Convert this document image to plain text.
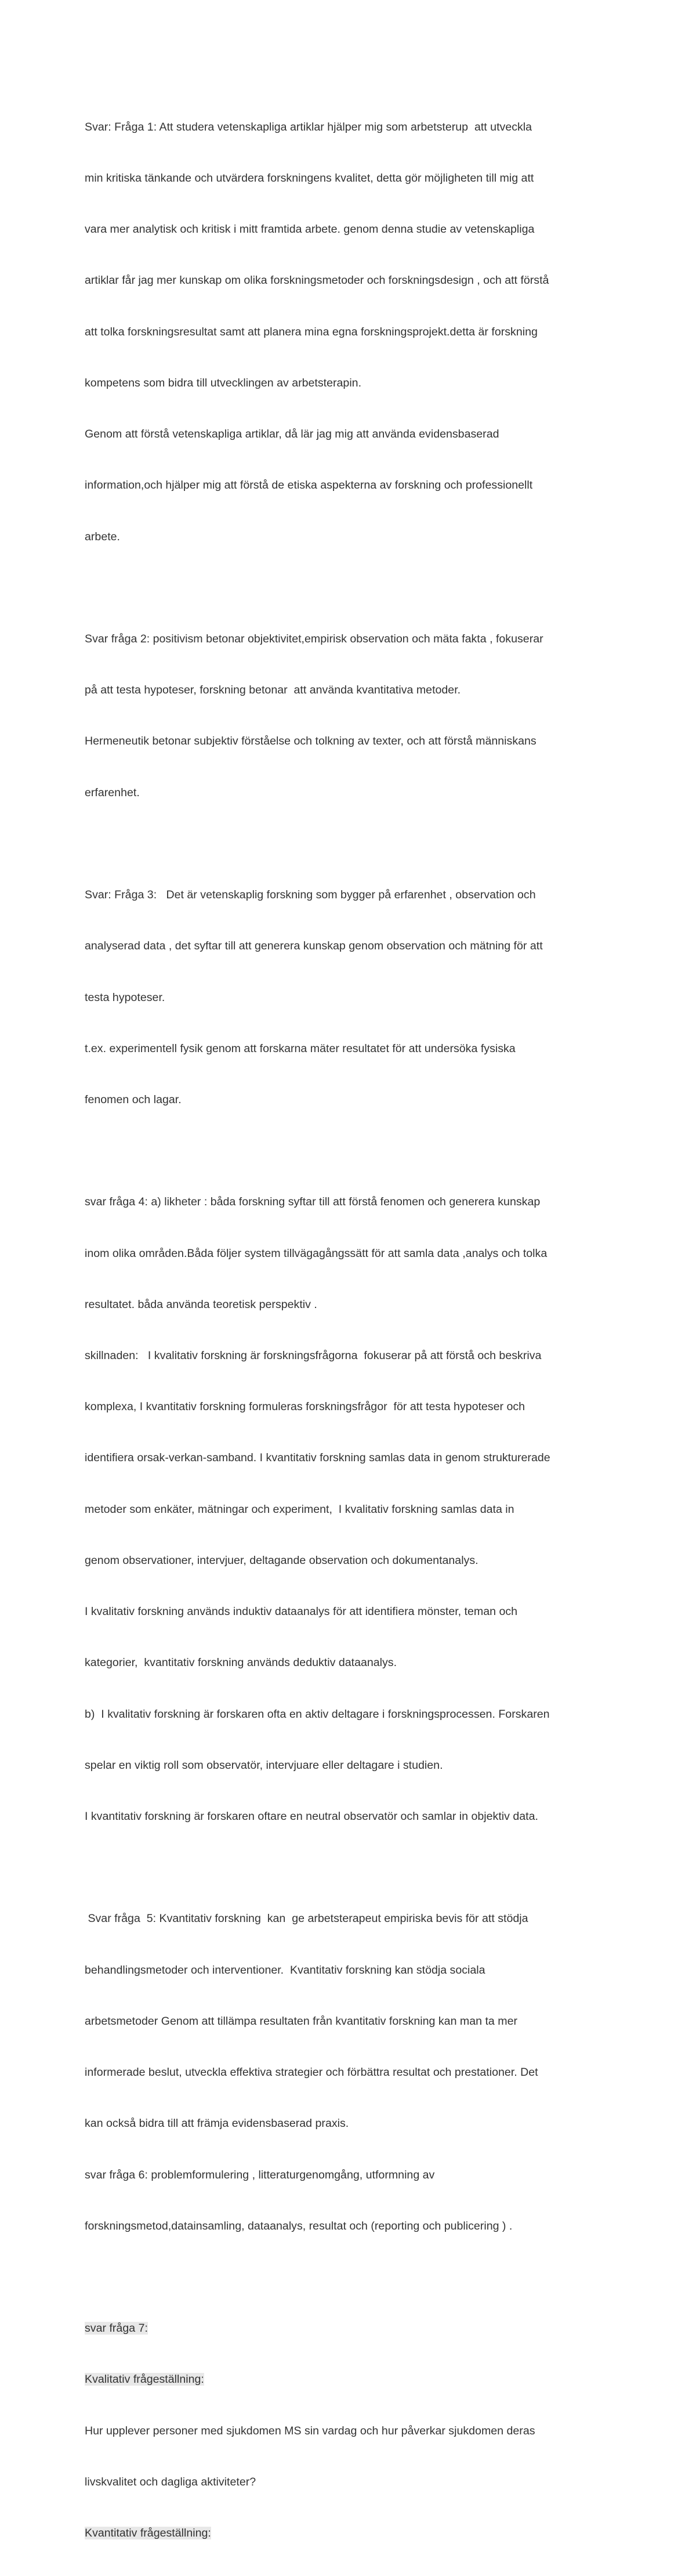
Svar: Fråga 1: Att studera vetenskapliga artiklar hjälper mig som arbetsterup  att utveckla

min kritiska tänkande och utvärdera forskningens kvalitet, detta gör möjligheten till mig att

vara mer analytisk och kritisk i mitt framtida arbete. genom denna studie av vetenskapliga

artiklar får jag mer kunskap om olika forskningsmetoder och forskningsdesign , och att förstå

att tolka forskningsresultat samt att planera mina egna forskningsprojekt.detta är forskning

kompetens som bidra till utvecklingen av arbetsterapin.

Genom att förstå vetenskapliga artiklar, då lär jag mig att använda evidensbaserad

information,och hjälper mig att förstå de etiska aspekterna av forskning och professionellt

arbete.

Svar fråga 2: positivism betonar objektivitet,empirisk observation och mäta fakta , fokuserar

på att testa hypoteser, forskning betonar  att använda kvantitativa metoder.

Hermeneutik betonar subjektiv förståelse och tolkning av texter, och att förstå människans

erfarenhet.

Svar: Fråga 3:   Det är vetenskaplig forskning som bygger på erfarenhet , observation och

analyserad data , det syftar till att generera kunskap genom observation och mätning för att

testa hypoteser.

t.ex. experimentell fysik genom att forskarna mäter resultatet för att undersöka fysiska

fenomen och lagar.

svar fråga 4: a) likheter : båda forskning syftar till att förstå fenomen och generera kunskap

inom olika områden.Båda följer system tillvägagångssätt för att samla data ,analys och tolka

resultatet. båda använda teoretisk perspektiv .

skillnaden:   I kvalitativ forskning är forskningsfrågorna  fokuserar på att förstå och beskriva

komplexa, I kvantitativ forskning formuleras forskningsfrågor  för att testa hypoteser och

identifiera orsak-verkan-samband. I kvantitativ forskning samlas data in genom strukturerade

metoder som enkäter, mätningar och experiment,  I kvalitativ forskning samlas data in

genom observationer, intervjuer, deltagande observation och dokumentanalys.

I kvalitativ forskning används induktiv dataanalys för att identifiera mönster, teman och

kategorier,  kvantitativ forskning används deduktiv dataanalys.

b)  I kvalitativ forskning är forskaren ofta en aktiv deltagare i forskningsprocessen. Forskaren

spelar en viktig roll som observatör, intervjuare eller deltagare i studien.

I kvantitativ forskning är forskaren oftare en neutral observatör och samlar in objektiv data.

Svar fråga  5: Kvantitativ forskning  kan  ge arbetsterapeut empiriska bevis för att stödja

behandlingsmetoder och interventioner.  Kvantitativ forskning kan stödja sociala

arbetsmetoder Genom att tillämpa resultaten från kvantitativ forskning kan man ta mer

informerade beslut, utveckla effektiva strategier och förbättra resultat och prestationer. Det

kan också bidra till att främja evidensbaserad praxis.

svar fråga 6: problemformulering , litteraturgenomgång, utformning av

forskningsmetod,datainsamling, dataanalys, resultat och (reporting och publicering ) .

svar fråga 7:

Kvalitativ frågeställning:

Hur upplever personer med sjukdomen MS sin vardag och hur påverkar sjukdomen deras

livskvalitet och dagliga aktiviteter?

Kvantitativ frågeställning:
